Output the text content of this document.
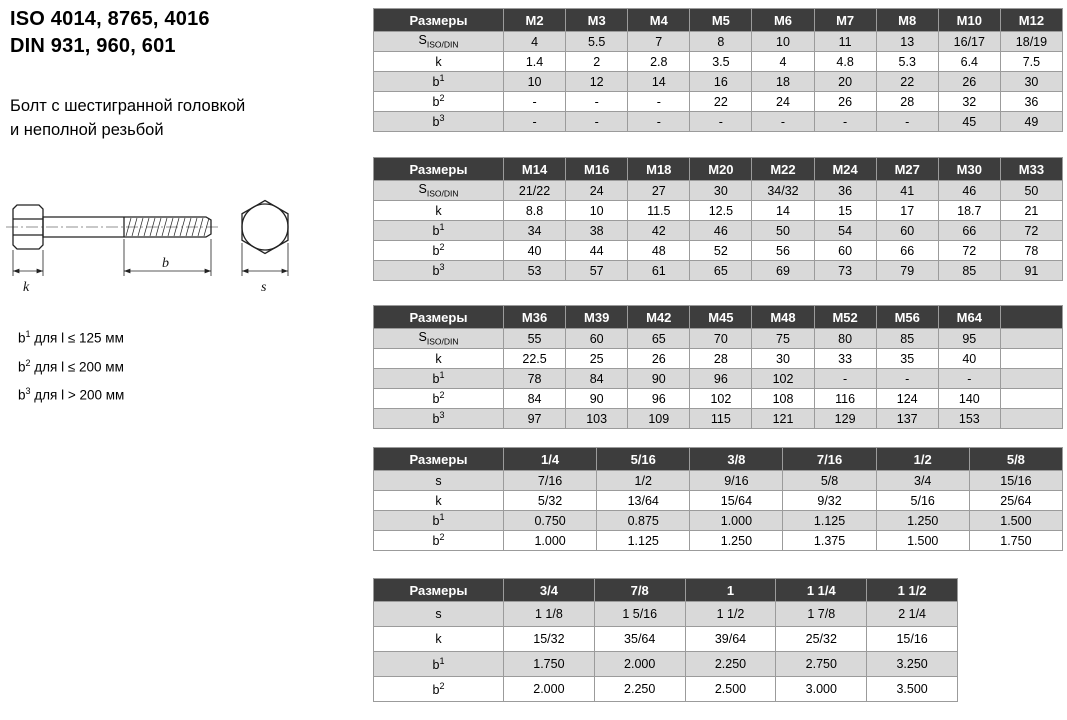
ISO 4014, 8765, 4016
DIN 931, 960, 601
Болт с шестигранной головкой
и неполной резьбой
k
b
s
$b^1$ для l ≤ 125 мм
$b^2$ для l ≤ 200 мм
$b^3$ для l > 200 мм
Размеры	M2	M3	M4	M5	M6	M7	M8	M10	M12
$S_{ISO/DIN}$	4	5.5	7	8	10	11	13	16/17	18/19
k	1.4	2	2.8	3.5	4	4.8	5.3	6.4	7.5
$b^1$	10	12	14	16	18	20	22	26	30
$b^2$	-	-	-	22	24	26	28	32	36
$b^3$	-	-	-	-	-	-	-	45	49
Размеры	M14	M16	M18	M20	M22	M24	M27	M30	M33
$S_{ISO/DIN}$	21/22	24	27	30	34/32	36	41	46	50
k	8.8	10	11.5	12.5	14	15	17	18.7	21
$b^1$	34	38	42	46	50	54	60	66	72
$b^2$	40	44	48	52	56	60	66	72	78
$b^3$	53	57	61	65	69	73	79	85	91
Размеры	M36	M39	M42	M45	M48	M52	M56	M64	
$S_{ISO/DIN}$	55	60	65	70	75	80	85	95	
k	22.5	25	26	28	30	33	35	40	
$b^1$	78	84	90	96	102	-	-	-	
$b^2$	84	90	96	102	108	116	124	140	
$b^3$	97	103	109	115	121	129	137	153	
Размеры	1/4	5/16	3/8	7/16	1/2	5/8
s	7/16	1/2	9/16	5/8	3/4	15/16
k	5/32	13/64	15/64	9/32	5/16	25/64
$b^1$	0.750	0.875	1.000	1.125	1.250	1.500
$b^2$	1.000	1.125	1.250	1.375	1.500	1.750
Размеры	3/4	7/8	1	1 1/4	1 1/2
s	1 1/8	1 5/16	1 1/2	1 7/8	2 1/4
k	15/32	35/64	39/64	25/32	15/16
$b^1$	1.750	2.000	2.250	2.750	3.250
$b^2$	2.000	2.250	2.500	3.000	3.500
